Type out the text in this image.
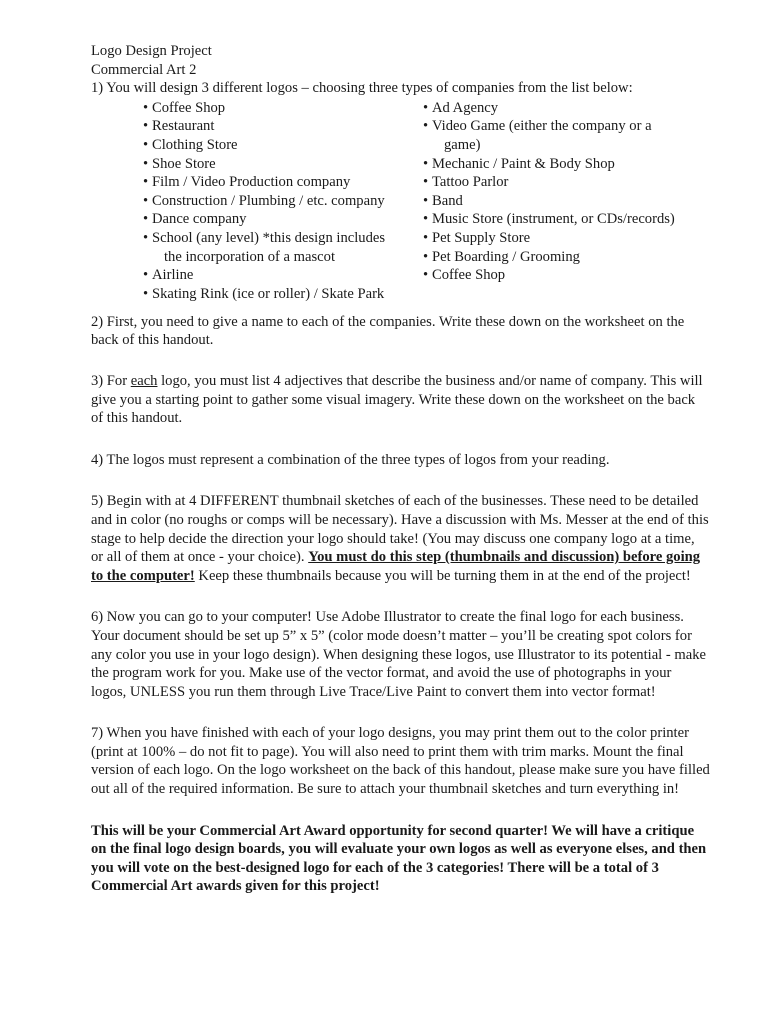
Logo Design Project
Commercial Art 2

1) You will design 3 different logos – choosing three types of companies from the list below:

• Coffee Shop
• Restaurant
• Clothing Store
• Shoe Store
• Film / Video Production company
• Construction / Plumbing / etc. company
• Dance company
• School (any level) *this design includes
the incorporation of a mascot
• Airline
• Skating Rink (ice or roller) / Skate Park
• Ad Agency
• Video Game (either the company or a
game)
• Mechanic / Paint & Body Shop
• Tattoo Parlor
• Band
• Music Store (instrument, or CDs/records)
• Pet Supply Store
• Pet Boarding / Grooming
• Coffee Shop

2) First, you need to give a name to each of the companies. Write these down on the worksheet on the back of this handout.

3) For each logo, you must list 4 adjectives that describe the business and/or name of company. This will give you a starting point to gather some visual imagery. Write these down on the worksheet on the back of this handout.

4) The logos must represent a combination of the three types of logos from your reading.

5) Begin with at 4 DIFFERENT thumbnail sketches of each of the businesses. These need to be detailed and in color (no roughs or comps will be necessary). Have a discussion with Ms. Messer at the end of this stage to help decide the direction your logo should take! (You may discuss one company logo at a time, or all of them at once - your choice). You must do this step (thumbnails and discussion) before going to the computer! Keep these thumbnails because you will be turning them in at the end of the project!

6) Now you can go to your computer! Use Adobe Illustrator to create the final logo for each business. Your document should be set up 5” x 5” (color mode doesn’t matter – you’ll be creating spot colors for any color you use in your logo design). When designing these logos, use Illustrator to its potential - make the program work for you. Make use of the vector format, and avoid the use of photographs in your logos, UNLESS you run them through Live Trace/Live Paint to convert them into vector format!

7) When you have finished with each of your logo designs, you may print them out to the color printer (print at 100% – do not fit to page). You will also need to print them with trim marks. Mount the final version of each logo. On the logo worksheet on the back of this handout, please make sure you have filled out all of the required information. Be sure to attach your thumbnail sketches and turn everything in!

This will be your Commercial Art Award opportunity for second quarter! We will have a critique on the final logo design boards, you will evaluate your own logos as well as everyone elses, and then you will vote on the best-designed logo for each of the 3 categories! There will be a total of 3 Commercial Art awards given for this project!
